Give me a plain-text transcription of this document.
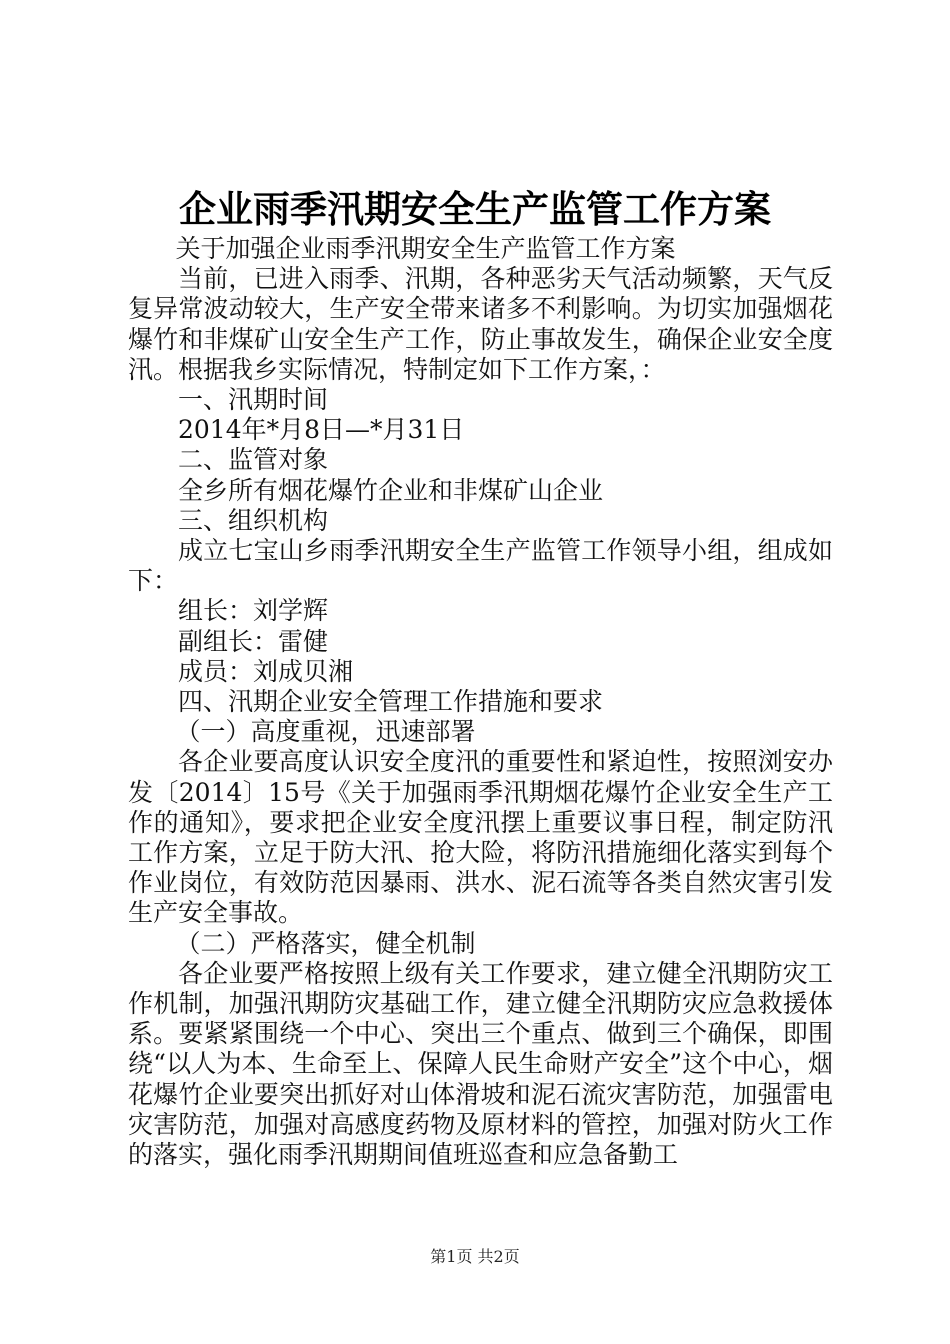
企业雨季汛期安全生产监管工作方案

关于加强企业雨季汛期安全生产监管工作方案

当前，已进入雨季、汛期，各种恶劣天气活动频繁，天气反复异常波动较大，生产安全带来诸多不利影响。为切实加强烟花爆竹和非煤矿山安全生产工作，防止事故发生，确保企业安全度汛。根据我乡实际情况，特制定如下工作方案，：

一、汛期时间

2014年*月8日—*月31日

二、监管对象

全乡所有烟花爆竹企业和非煤矿山企业

三、组织机构

成立七宝山乡雨季汛期安全生产监管工作领导小组，组成如下：

组长：刘学辉

副组长：雷健

成员：刘成贝湘

四、汛期企业安全管理工作措施和要求

（一）高度重视，迅速部署

各企业要高度认识安全度汛的重要性和紧迫性，按照浏安办发〔2014〕15号《关于加强雨季汛期烟花爆竹企业安全生产工作的通知》，要求把企业安全度汛摆上重要议事日程，制定防汛工作方案，立足于防大汛、抢大险，将防汛措施细化落实到每个作业岗位，有效防范因暴雨、洪水、泥石流等各类自然灾害引发生产安全事故。

（二）严格落实，健全机制

各企业要严格按照上级有关工作要求，建立健全汛期防灾工作机制，加强汛期防灾基础工作，建立健全汛期防灾应急救援体系。要紧紧围绕一个中心、突出三个重点、做到三个确保，即围绕“以人为本、生命至上、保障人民生命财产安全”这个中心，烟花爆竹企业要突出抓好对山体滑坡和泥石流灾害防范，加强雷电灾害防范，加强对高感度药物及原材料的管控，加强对防火工作的落实，强化雨季汛期期间值班巡查和应急备勤工

第1页 共2页
